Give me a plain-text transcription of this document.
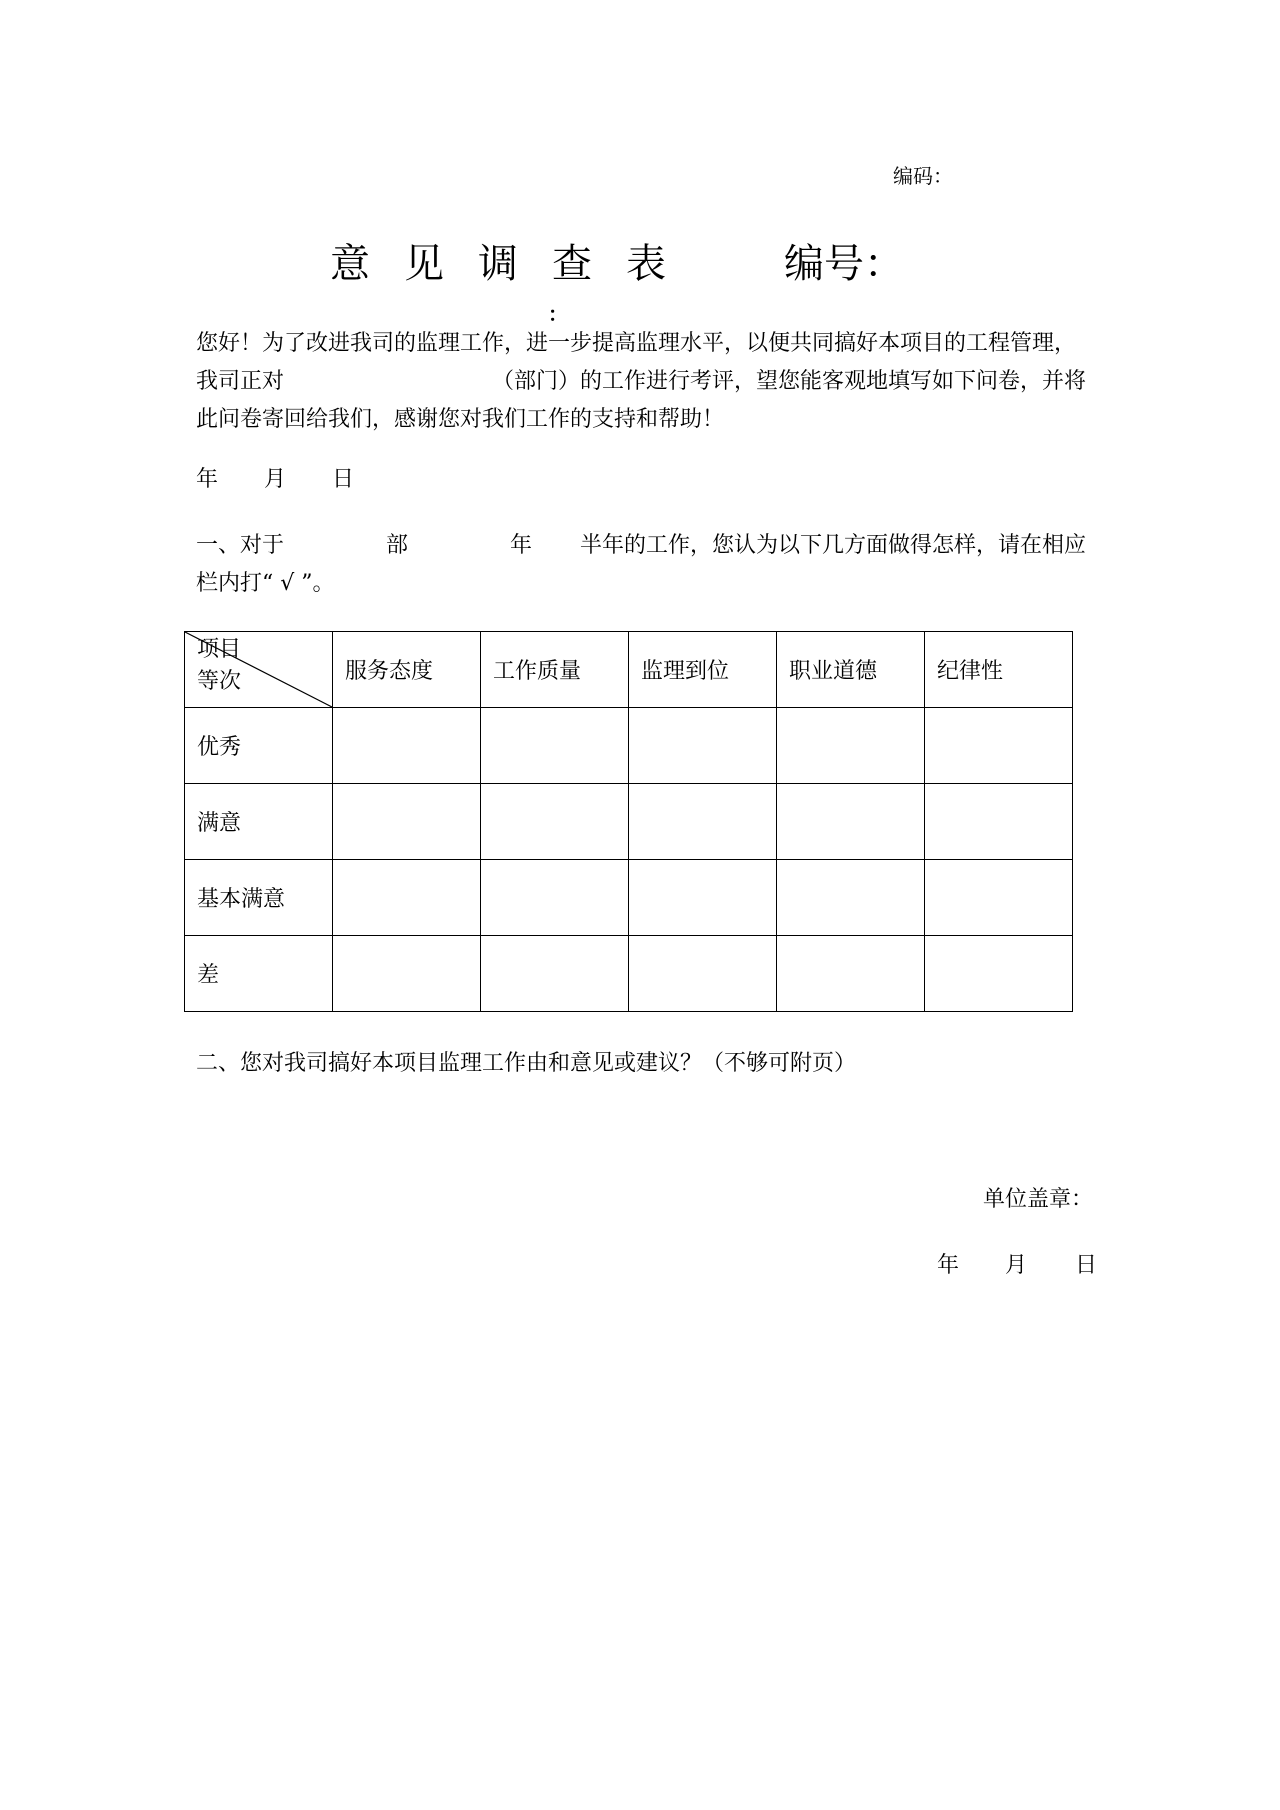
编码：
意 见 调 查 表	编号：
：
您好！为了改进我司的监理工作，进一步提高监理水平，以便共同搞好本项目的工程管理，
我司正对	（部门）的工作进行考评，望您能客观地填写如下问卷，并将
此问卷寄回给我们，感谢您对我们工作的支持和帮助！
年 月 日
一、对于	部	年 半年的工作，您认为以下几方面做得怎样，请在相应
栏内打“ √ ”。
项目
等次	服务态度	工作质量	监理到位	职业道德	纪律性
优秀					
满意					
基本满意					
差					
二、您对我司搞好本项目监理工作由和意见或建议？（不够可附页）
单位盖章：
年 月 日
